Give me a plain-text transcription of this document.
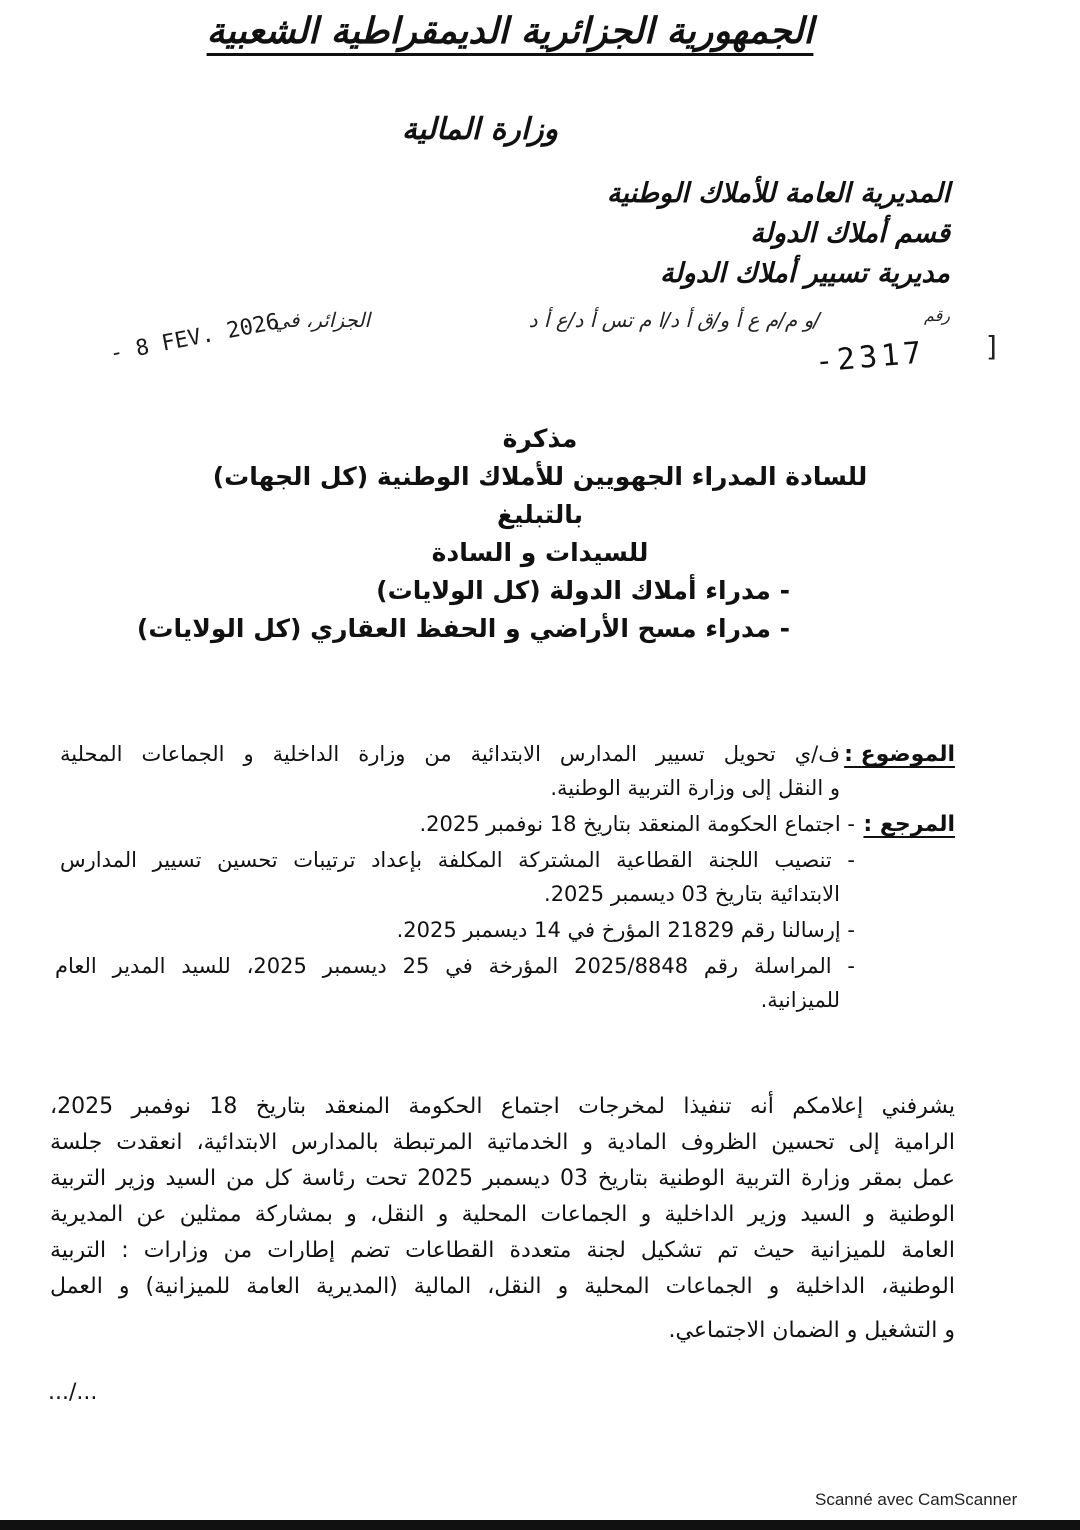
الجمهورية الجزائرية الديمقراطية الشعبية
وزارة المالية
المديرية العامة للأملاك الوطنية
قسم أملاك الدولة
مديرية تسيير أملاك الدولة
رقم
/و م/م ع أ و/ق أ د/ا م تس أ د/ع أ د
الجزائر، في
- 8 FEV. 2026	-2317 ]
مذكرة
للسادة المدراء الجهويين للأملاك الوطنية (كل الجهات)
بالتبليغ
للسيدات و السادة
- مدراء أملاك الدولة (كل الولايات)
- مدراء مسح الأراضي و الحفظ العقاري (كل الولايات)
الموضوع :
ف/ي تحويل تسيير المدارس الابتدائية من وزارة الداخلية و الجماعات المحلية
و النقل إلى وزارة التربية الوطنية.
المرجع :
- اجتماع الحكومة المنعقد بتاريخ 18 نوفمبر 2025.
- تنصيب اللجنة القطاعية المشتركة المكلفة بإعداد ترتيبات تحسين تسيير المدارس
الابتدائية بتاريخ 03 ديسمبر 2025.
- إرسالنا رقم 21829 المؤرخ في 14 ديسمبر 2025.
- المراسلة رقم 2025/8848 المؤرخة في 25 ديسمبر 2025، للسيد المدير العام
للميزانية.
يشرفني إعلامكم أنه تنفيذا لمخرجات اجتماع الحكومة المنعقد بتاريخ 18 نوفمبر 2025،
الرامية إلى تحسين الظروف المادية و الخدماتية المرتبطة بالمدارس الابتدائية، انعقدت جلسة
عمل بمقر وزارة التربية الوطنية بتاريخ 03 ديسمبر 2025 تحت رئاسة كل من السيد وزير التربية
الوطنية و السيد وزير الداخلية و الجماعات المحلية و النقل، و بمشاركة ممثلين عن المديرية
العامة للميزانية حيث تم تشكيل لجنة متعددة القطاعات تضم إطارات من وزارات : التربية
الوطنية، الداخلية و الجماعات المحلية و النقل، المالية (المديرية العامة للميزانية) و العمل
و التشغيل و الضمان الاجتماعي.
.../...
Scanné avec CamScanner
